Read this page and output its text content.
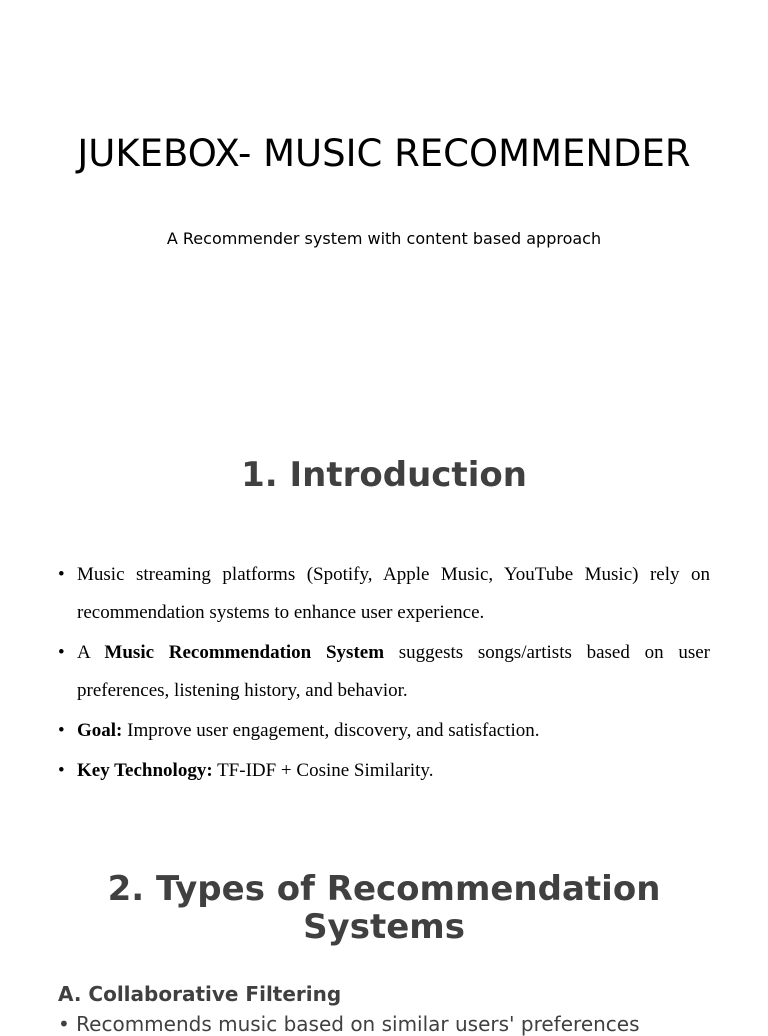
JUKEBOX- MUSIC RECOMMENDER

A Recommender system with content based approach

1. Introduction
• Music streaming platforms (Spotify, Apple Music, YouTube Music) rely on recommendation systems to enhance user experience.
• A Music Recommendation System suggests songs/artists based on user preferences, listening history, and behavior.
• Goal: Improve user engagement, discovery, and satisfaction.
• Key Technology: TF-IDF + Cosine Similarity.
2. Types of Recommendation Systems
A. Collaborative Filtering

• Recommends music based on similar users' preferences
